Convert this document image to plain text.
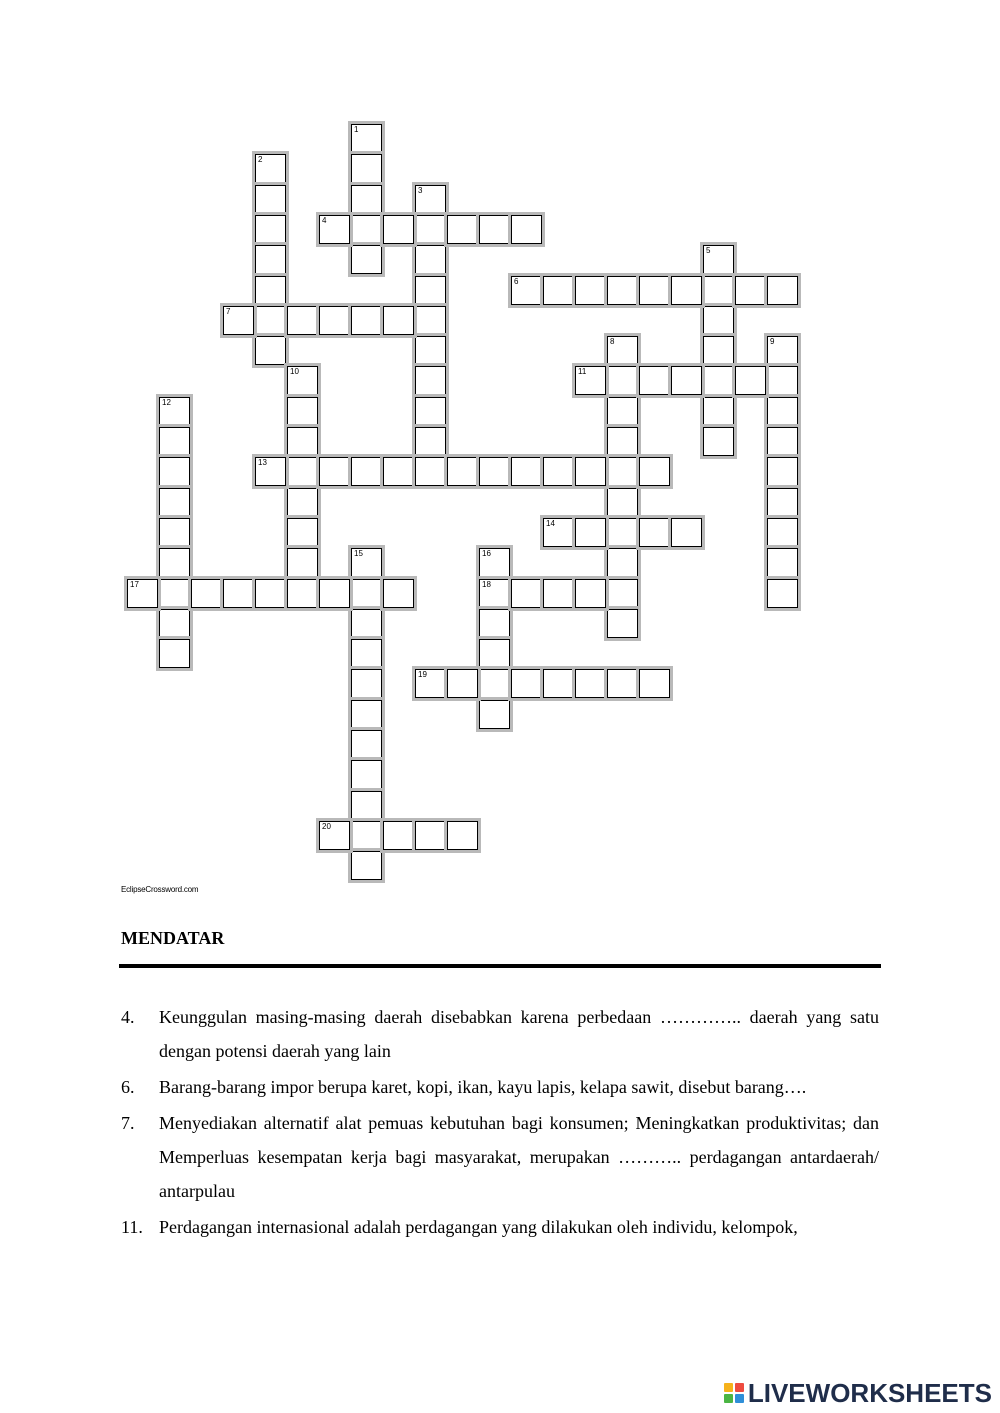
1
2
3
4
5
6
7
8	9
10	11
12
13
14
15	16
18
17
19
20
EclipseCrossword.com
MENDATAR
4.	Keunggulan masing-masing daerah disebabkan karena perbedaan ………….. daerah yang satu dengan potensi daerah yang lain
6.	Barang-barang impor berupa karet, kopi, ikan, kayu lapis, kelapa sawit, disebut barang….
7.	Menyediakan alternatif alat pemuas kebutuhan bagi konsumen; Meningkatkan produktivitas; dan Memperluas kesempatan kerja bagi masyarakat, merupakan ……….. perdagangan antardaerah/ antarpulau
11. Perdagangan internasional adalah perdagangan yang dilakukan oleh individu, kelompok,
LIVEWORKSHEETS
